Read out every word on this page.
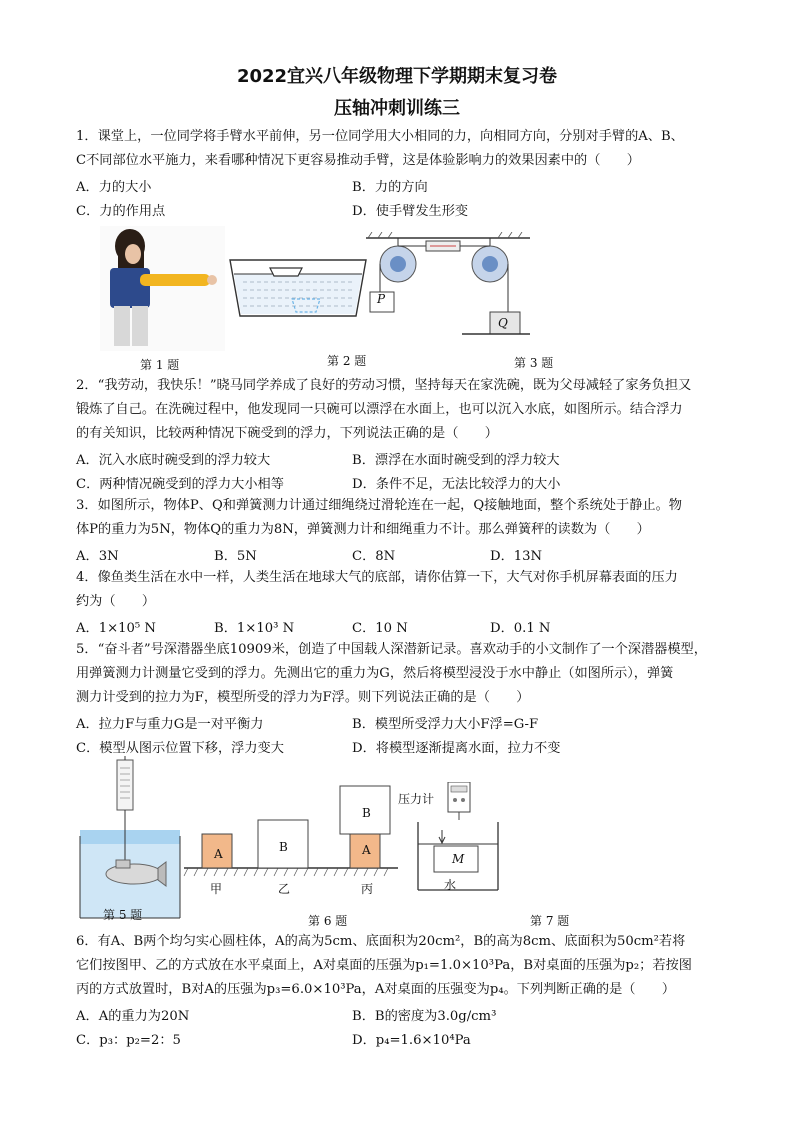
2022宜兴八年级物理下学期期末复习卷
压轴冲刺训练三
1．课堂上，一位同学将手臂水平前伸，另一位同学用大小相同的力，向相同方向，分别对手臂的A、B、
C不同部位水平施力，来看哪种情况下更容易推动手臂，这是体验影响力的效果因素中的（　　）
A．力的大小	B．力的方向
C．力的作用点	D．使手臂发生形变
P
Q
第 1 题	第 2 题	第 3 题
2．“我劳动，我快乐！”晓马同学养成了良好的劳动习惯，坚持每天在家洗碗，既为父母减轻了家务负担又
锻炼了自己。在洗碗过程中，他发现同一只碗可以漂浮在水面上，也可以沉入水底，如图所示。结合浮力
的有关知识，比较两种情况下碗受到的浮力，下列说法正确的是（　　）
A．沉入水底时碗受到的浮力较大	B．漂浮在水面时碗受到的浮力较大
C．两种情况碗受到的浮力大小相等	D．条件不足，无法比较浮力的大小
3．如图所示，物体P、Q和弹簧测力计通过细绳绕过滑轮连在一起，Q接触地面，整个系统处于静止。物
体P的重力为5N，物体Q的重力为8N，弹簧测力计和细绳重力不计。那么弹簧秤的读数为（　　）
A．3N	B．5N	C．8N	D．13N
4．像鱼类生活在水中一样，人类生活在地球大气的底部，请你估算一下，大气对你手机屏幕表面的压力
约为（　　）
A．1×10⁵ N	B．1×10³ N	C．10 N	D．0.1 N
5．“奋斗者”号深潜器坐底10909米，创造了中国载人深潜新记录。喜欢动手的小文制作了一个深潜器模型，
用弹簧测力计测量它受到的浮力。先测出它的重力为G，然后将模型浸没于水中静止（如图所示），弹簧
测力计受到的拉力为F，模型所受的浮力为F浮。则下列说法正确的是（　　）
A．拉力F与重力G是一对平衡力	B．模型所受浮力大小F浮=G-F
C．模型从图示位置下移，浮力变大	D．将模型逐渐提离水面，拉力不变
第 5 题
A	B
B
A
甲	乙	丙
第 6 题
压力计
M
水
第 7 题
6．有A、B两个均匀实心圆柱体，A的高为5cm、底面积为20cm²，B的高为8cm、底面积为50cm²若将
它们按图甲、乙的方式放在水平桌面上，A对桌面的压强为p₁=1.0×10³Pa，B对桌面的压强为p₂；若按图
丙的方式放置时，B对A的压强为p₃=6.0×10³Pa，A对桌面的压强变为p₄。下列判断正确的是（　　）
A．A的重力为20N	B．B的密度为3.0g/cm³
C．p₃：p₂=2：5	D．p₄=1.6×10⁴Pa
